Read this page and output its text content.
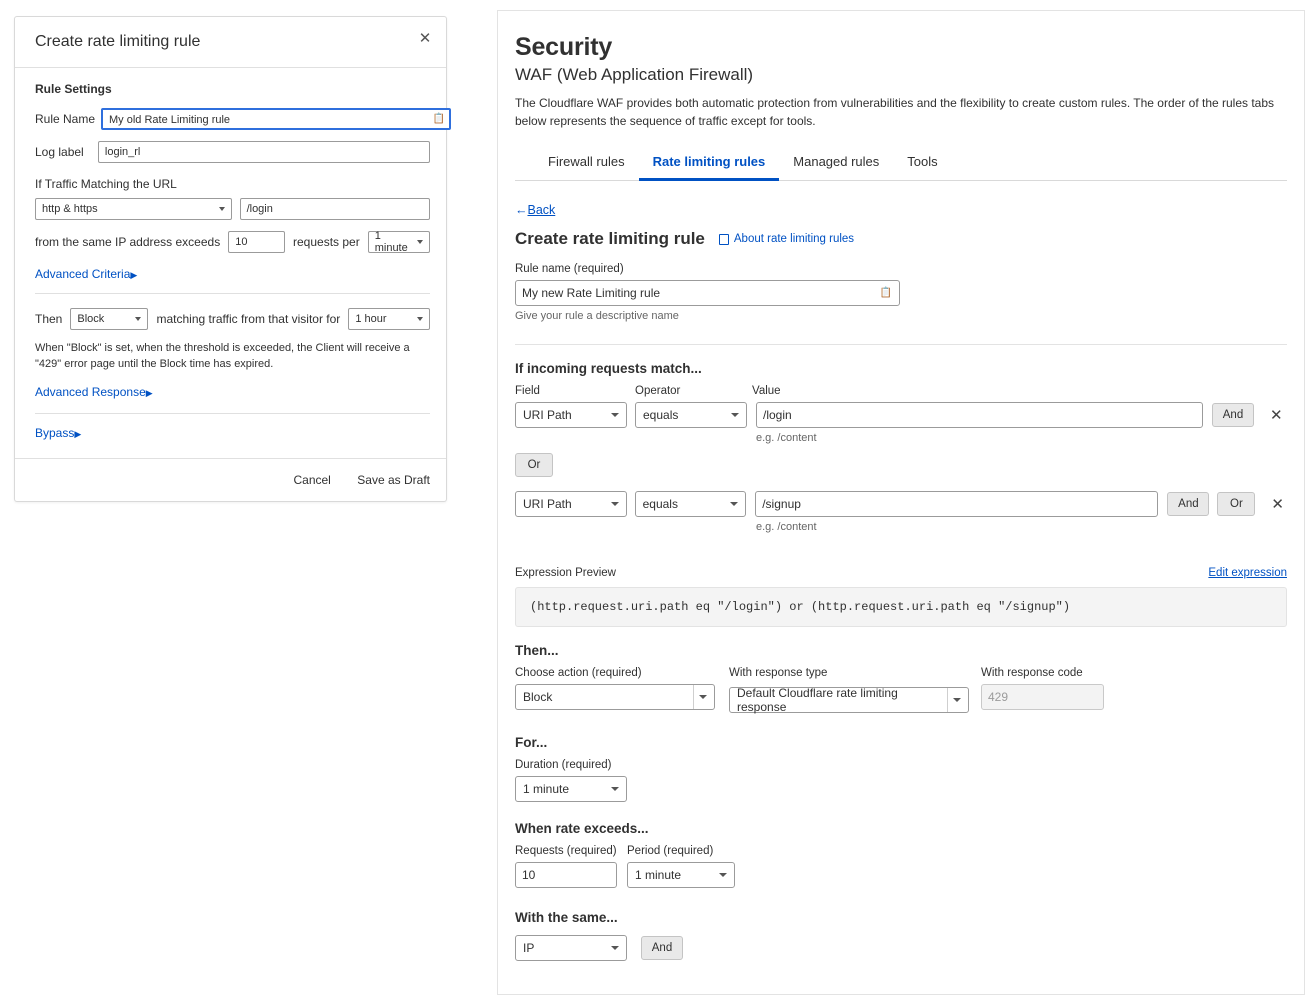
Create rate limiting rule	✕
Rule Settings
Rule Name	My old Rate Limiting rule	📋
Log label	login_rl
If Traffic Matching the URL
http & https	/login
from the same IP address exceeds	10	requests per 1 minute
Advanced Criteria▶
Then Block	matching traffic from that visitor for 1 hour
When "Block" is set, when the threshold is exceeded, the Client will receive a "429" error page until the Block time has expired.
Advanced Response▶
Bypass▶
Cancel Save as Draft
Security
WAF (Web Application Firewall)
The Cloudflare WAF provides both automatic protection from vulnerabilities and the flexibility to create custom rules. The order of the rules tabs below represents the sequence of traffic except for tools.
Firewall rules	Rate limiting rules	Managed rules	Tools
←Back
Create rate limiting rule	About rate limiting rules
Rule name (required)
My new Rate Limiting rule	📋
Give your rule a descriptive name
If incoming requests match...
Field	Operator	Value
URI Path	equals	/login	And	✕
e.g. /content
Or
URI Path	equals	/signup	And	Or	✕
e.g. /content
Expression Preview	Edit expression
(http.request.uri.path eq "/login") or (http.request.uri.path eq "/signup")
Then...
Choose action (required)
Block
With response type
Default Cloudflare rate limiting response
With response code
429
For...
Duration (required)
1 minute
When rate exceeds...
Requests (required)
10
Period (required)
1 minute
With the same...
IP	And
